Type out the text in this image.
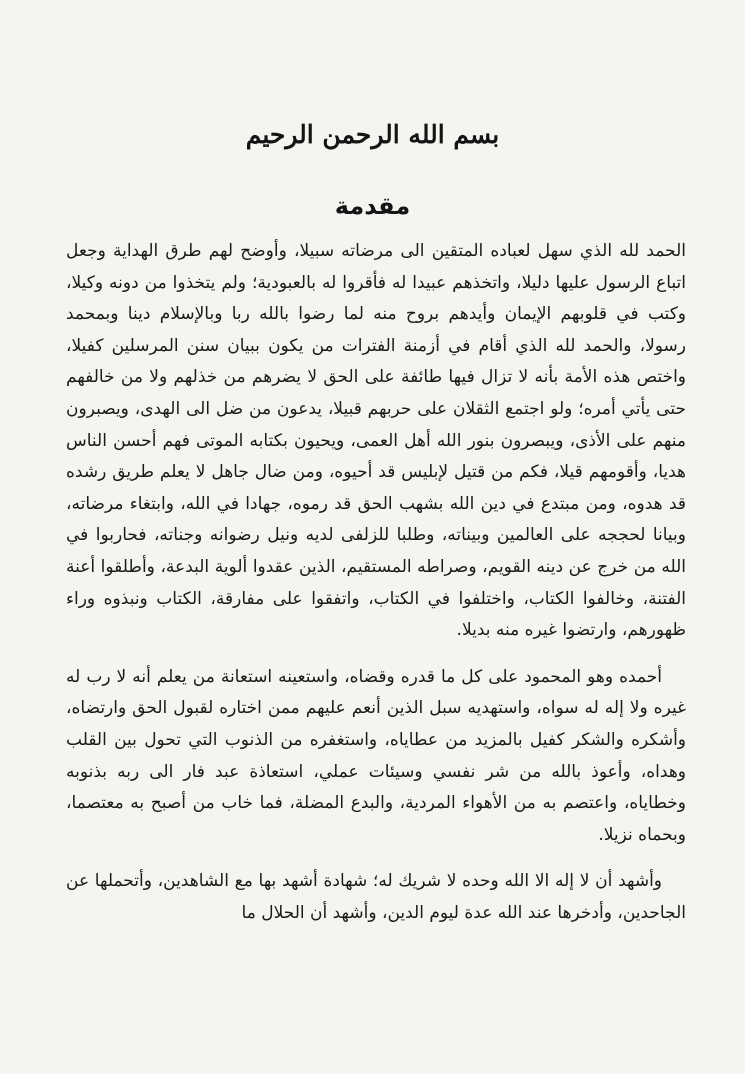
بسم الله الرحمن الرحيم
مقدمة

الحمد لله الذي سهل لعباده المتقين الى مرضاته سبيلا، وأوضح لهم طرق الهداية وجعل اتباع الرسول عليها دليلا، واتخذهم عبيدا له فأقروا له بالعبودية؛ ولم يتخذوا من دونه وكيلا، وكتب في قلوبهم الإيمان وأيدهم بروح منه لما رضوا بالله ربا وبالإسلام دينا وبمحمد رسولا، والحمد لله الذي أقام في أزمنة الفترات من يكون ببيان سنن المرسلين كفيلا، واختص هذه الأمة بأنه لا تزال فيها طائفة على الحق لا يضرهم من خذلهم ولا من خالفهم حتى يأتي أمره؛ ولو اجتمع الثقلان على حربهم قبيلا، يدعون من ضل الى الهدى، ويصبرون منهم على الأذى، ويبصرون بنور الله أهل العمى، ويحيون بكتابه الموتى فهم أحسن الناس هديا، وأقومهم قيلا، فكم من قتيل لإبليس قد أحيوه، ومن ضال جاهل لا يعلم طريق رشده قد هدوه، ومن مبتدع في دين الله بشهب الحق قد رموه، جهادا في الله، وابتغاء مرضاته، وبيانا لحججه على العالمين وبيناته، وطلبا للزلفى لديه ونيل رضوانه وجناته، فحاربوا في الله من خرج عن دينه القويم، وصراطه المستقيم، الذين عقدوا ألوية البدعة، وأطلقوا أعنة الفتنة، وخالفوا الكتاب، واختلفوا في الكتاب، واتفقوا على مفارقة، الكتاب ونبذوه وراء ظهورهم، وارتضوا غيره منه بديلا.

أحمده وهو المحمود على كل ما قدره وقضاه، واستعينه استعانة من يعلم أنه لا رب له غيره ولا إله له سواه، واستهديه سبل الذين أنعم عليهم ممن اختاره لقبول الحق وارتضاه، وأشكره والشكر كفيل بالمزيد من عطاياه، واستغفره من الذنوب التي تحول بين القلب وهداه، وأعوذ بالله من شر نفسي وسيئات عملي، استعاذة عبد فار الى ربه بذنوبه وخطاياه، واعتصم به من الأهواء المردية، والبدع المضلة، فما خاب من أصبح به معتصما، وبحماه نزيلا.

وأشهد أن لا إله الا الله وحده لا شريك له؛ شهادة أشهد بها مع الشاهدين، وأتحملها عن الجاحدين، وأدخرها عند الله عدة ليوم الدين، وأشهد أن الحلال ما
